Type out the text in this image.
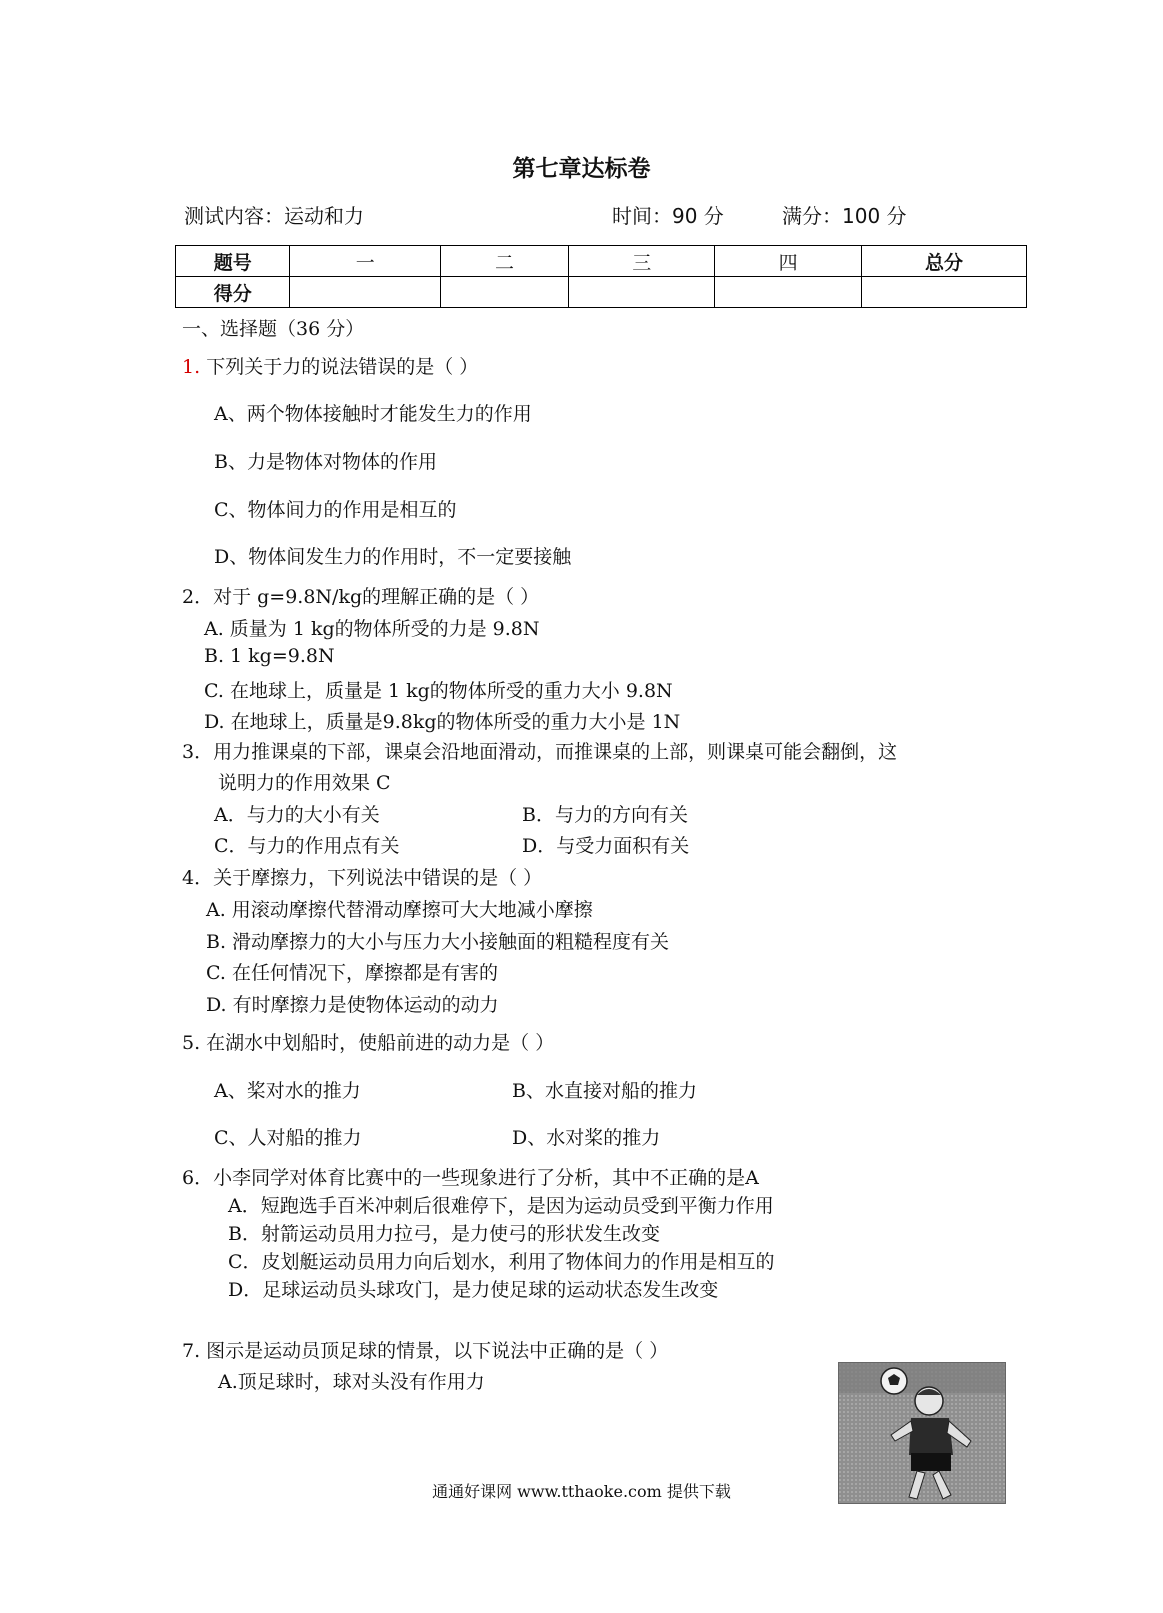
第七章达标卷
测试内容：运动和力	时间：90 分	满分：100 分
题号	一	二	三	四	总分
得分					
一、选择题（36 分）
1. 下列关于力的说法错误的是（ ）
A、两个物体接触时才能发生力的作用
B、力是物体对物体的作用
C、物体间力的作用是相互的
D、物体间发生力的作用时，不一定要接触
2．对于 g=9.8N/kg的理解正确的是（ ）
A. 质量为 1 kg的物体所受的力是 9.8N
B. 1 kg=9.8N
C. 在地球上，质量是 1 kg的物体所受的重力大小 9.8N
D. 在地球上，质量是9.8kg的物体所受的重力大小是 1N
3．用力推课桌的下部，课桌会沿地面滑动，而推课桌的上部，则课桌可能会翻倒，这
说明力的作用效果 C
A．与力的大小有关	B．与力的方向有关
C．与力的作用点有关	D．与受力面积有关
4．关于摩擦力，下列说法中错误的是（ ）
A. 用滚动摩擦代替滑动摩擦可大大地减小摩擦
B. 滑动摩擦力的大小与压力大小接触面的粗糙程度有关
C. 在任何情况下，摩擦都是有害的
D. 有时摩擦力是使物体运动的动力
5. 在湖水中划船时，使船前进的动力是（ ）
A、桨对水的推力	B、水直接对船的推力
C、人对船的推力	D、水对桨的推力
6．小李同学对体育比赛中的一些现象进行了分析，其中不正确的是A
A．短跑选手百米冲刺后很难停下，是因为运动员受到平衡力作用
B．射箭运动员用力拉弓，是力使弓的形状发生改变
C．皮划艇运动员用力向后划水，利用了物体间力的作用是相互的
D．足球运动员头球攻门，是力使足球的运动状态发生改变
7. 图示是运动员顶足球的情景，以下说法中正确的是（ ）
A.顶足球时，球对头没有作用力
通通好课网 www.tthaoke.com 提供下载
